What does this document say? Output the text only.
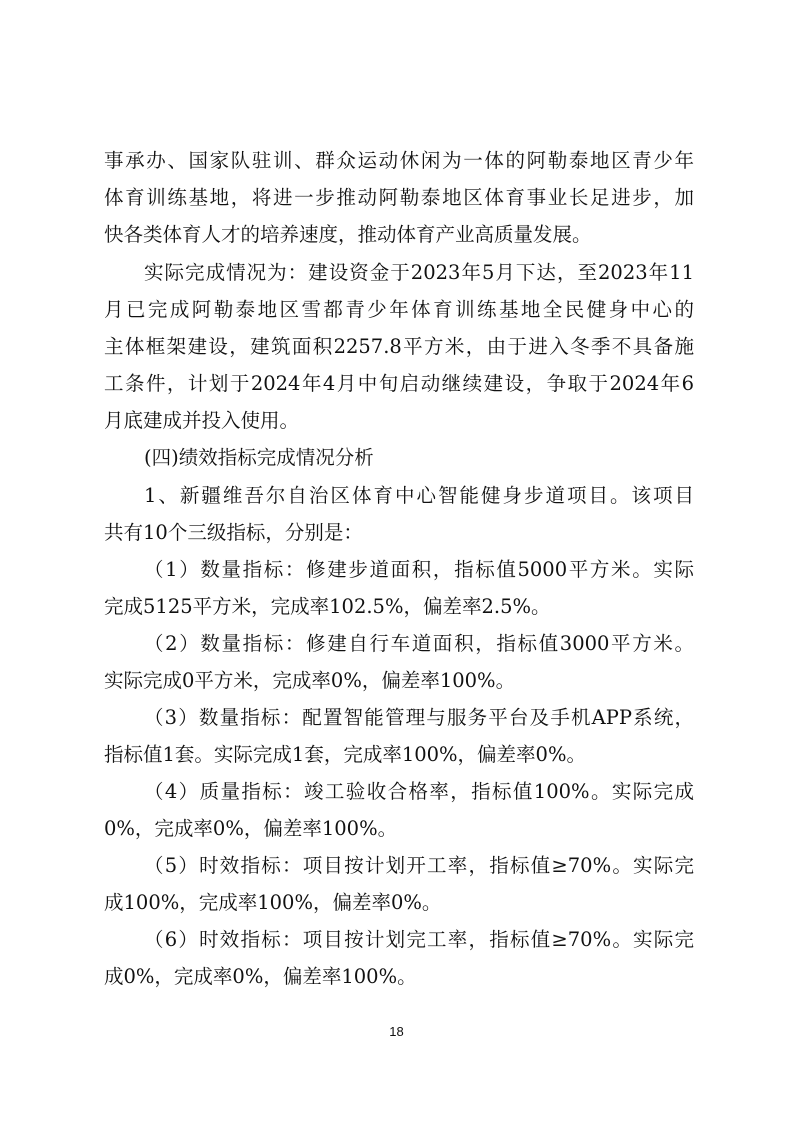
事承办、国家队驻训、群众运动休闲为一体的阿勒泰地区青少年
体育训练基地，将进一步推动阿勒泰地区体育事业长足进步，加
快各类体育人才的培养速度，推动体育产业高质量发展。
实际完成情况为：建设资金于2023年5月下达，至2023年11
月已完成阿勒泰地区雪都青少年体育训练基地全民健身中心的
主体框架建设，建筑面积2257.8平方米，由于进入冬季不具备施
工条件，计划于2024年4月中旬启动继续建设，争取于2024年6
月底建成并投入使用。
(四)绩效指标完成情况分析
1、新疆维吾尔自治区体育中心智能健身步道项目。该项目
共有10个三级指标，分别是：
（1）数量指标：修建步道面积，指标值5000平方米。实际
完成5125平方米，完成率102.5%，偏差率2.5%。
（2）数量指标：修建自行车道面积，指标值3000平方米。
实际完成0平方米，完成率0%，偏差率100%。
（3）数量指标：配置智能管理与服务平台及手机APP系统，
指标值1套。实际完成1套，完成率100%，偏差率0%。
（4）质量指标：竣工验收合格率，指标值100%。实际完成
0%，完成率0%，偏差率100%。
（5）时效指标：项目按计划开工率，指标值≥70%。实际完
成100%，完成率100%，偏差率0%。
（6）时效指标：项目按计划完工率，指标值≥70%。实际完
成0%，完成率0%，偏差率100%。
18
